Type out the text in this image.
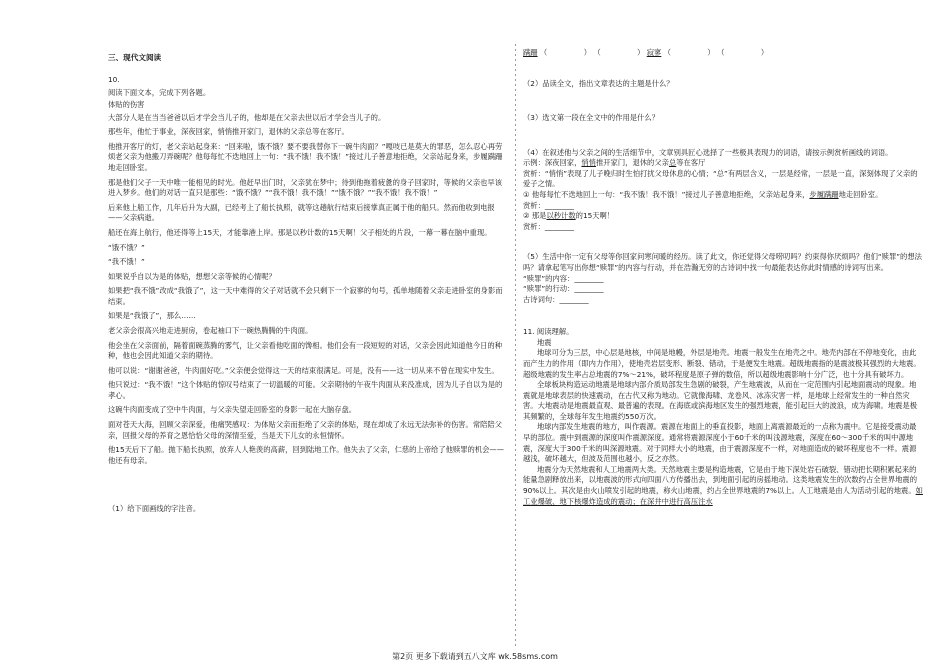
三、现代文阅读

10.

阅读下面文本，完成下列各题。

体贴的伤害

大部分人是在当当爸爸以后才学会当儿子的，他却是在父亲去世以后才学会当儿子的。

那些年，他忙于事业，深夜回家，悄悄推开家门，退休的父亲总等在客厅。

他推开客厅的灯，老父亲站起身来：“回来啦，饿不饿？要不要我替你下一碗牛肉面？”嘎吱已是莫大的罪恶，怎么忍心再劳烦老父亲为他搬刀弄碗呢？他每每忙不迭地回上一句：“我不饿！我不饿！”接过儿子善意地拒绝，父亲站起身来，步履蹒跚地走回卧室。

那是他们父子一天中唯一能相见的时光。他赶早出门时，父亲犹在梦中；待到他拖着疲惫的身子回家时，等候的父亲也早该进入梦乡。他们的对话一直只是那些：“饿不饿？”“我不饿！我不饿！”“饿不饿？”“我不饿！我不饿！”

后来他上船工作，几年后升为大副，已经考上了船长执照，就等这趟航行结束后接掌真正属于他的船只。然而他收到电报——父亲病逝。

船还在海上航行，他还得等上15天，才能靠港上岸。那是以秒计数的15天啊！父子相处的片段，一幕一幕在脑中重现。

“饿不饿？”

“我不饿！”

如果说乎自以为是的体贴，想想父亲等候的心情呢？

如果把“我不饿”改成“我饿了”，这一天中难得的父子对话就不会只剩下一个寂寥的句号，孤单地随着父亲走进卧室的身影而结束。

如果是“我饿了”，那么……

老父亲会很高兴地走进厨房，卷起袖口下一碗热腾腾的牛肉面。

他会坐在父亲面前，隔着面碗蒸腾的雾气，让父亲看他吃面的馋相。他们会有一段短短的对话，父亲会因此知道他今日的种种，他也会因此知道父亲的期待。

他可以说：“谢谢爸爸，牛肉面好吃。”父亲便会觉得这一天的结束很满足。可是，没有——这一切从来不曾在现实中发生。

他只说过：“我不饿！”这个体贴的惊叹号结束了一切温暖的可能。父亲期待的午夜牛肉面从来没准成，因为儿子自以为是的孝心。

这碗牛肉面变成了空中牛肉面，与父亲失望走回卧室的身影一起在大脑存盘。

面对苍天大海，回顾父亲深爱，他痛哭感叹：为体贴父亲而拒绝了父亲的体贴，现在却成了永远无法弥补的伤害。常陪陪父亲，回报父母的养育之恩恰恰父母的深情至爱，当是天下儿女的永恒情怀。

他15天后下了船。抛下船长执照，放弃人人艳羡的高薪，回到陆地工作。他失去了父亲，仁慈的上帝给了他赎罪的机会——他还有母亲。

（1）给下面画线的字注音。

蹒跚 （　　　　　） （　　　　　） 寂寥 （　　　　　） （　　　　　）

（2）品读全文，指出文章表达的主题是什么？

（3）选文第一段在全文中的作用是什么？

（4）在叙述他与父亲之间的生活细节中，文章别具匠心选择了一些极具表现力的词语，请按示例赏析画线的词语。

示例：深夜回家，悄悄推开家门，退休的父亲总等在客厅

赏析：“悄悄”表现了儿子晚归时生怕打扰父母休息的心情；“总”有两层含义，一层是经常，一层是一直，深刻体现了父亲的爱子之情。

① 他每每忙不迭地回上一句：“我不饿！我不饿！”接过儿子善意地拒绝，父亲站起身来，步履蹒跚地走回卧室。

赏析：________

② 那是以秒计数的15天啊！

赏析：________

（5）生活中你一定有父母等你回家问寒问暖的经历。读了此文，你还觉得父母唠叨吗？约束得你厌烦吗？他们“赎罪”的想法吗？请拿起笔写出你想“赎罪”的内容与行动，并在浩瀚无穷的古诗词中找一句最能表达你此时情感的诗词写出来。

“赎罪”的内容：________

“赎罪”的行动：________

古诗词句：________

11. 阅读理解。

地震

地球可分为三层，中心层是地核，中间是地幔，外层是地壳。地震一般发生在地壳之中。地壳内部在不停地变化，由此而产生力的作用（即内力作用），使地壳岩层变形、断裂、错动，于是便发生地震。超级地震指的是震波极其强烈的大地震。超级地震的发生率占总地震的7%～21%，破坏程度是原子弹的数倍，所以超级地震影响十分广泛，也十分具有破坏力。

全球板块构造运动地震是地球内部介质局部发生急剧的破裂，产生地震波，从而在一定范围内引起地面震动的现象。地震就是地球表层的快速震动，在古代又称为地动。它就像海啸、龙卷风、冰冻灾害一样，是地球上经常发生的一种自然灾害。大地震动是地震最直观、最普遍的表现。在海底或滨海地区发生的强烈地震，能引起巨大的波浪，成为海啸。地震是极其频繁的，全球每年发生地震约550万次。

地球内部发生地震的地方，叫作震源。震源在地面上的垂直投影，地面上离震源最近的一点称为震中。它是接受震动最早的部位。震中到震源的深度叫作震源深度。通常将震源深度小于60千米的叫浅源地震，深度在60～300千米的叫中源地震，深度大于300千米的叫深源地震。对于同样大小的地震，由于震源深度不一样，对地面造成的破坏程度也不一样。震源越浅，破坏越大，但波及范围也越小，反之亦然。

地震分为天然地震和人工地震两大类。天然地震主要是构造地震，它是由于地下深处岩石破裂、错动把长期积累起来的能量急剧释放出来，以地震波的形式向四面八方传播出去，到地面引起的房摇地动。这类地震发生的次数约占全世界地震的90%以上。其次是由火山喷发引起的地震，称火山地震，约占全世界地震的7%以上。人工地震是由人为活动引起的地震。如工业爆破、地下核爆炸造成的震动；在深井中进行高压注水

第2页 更多下载请到五八文库 wk.58sms.com
